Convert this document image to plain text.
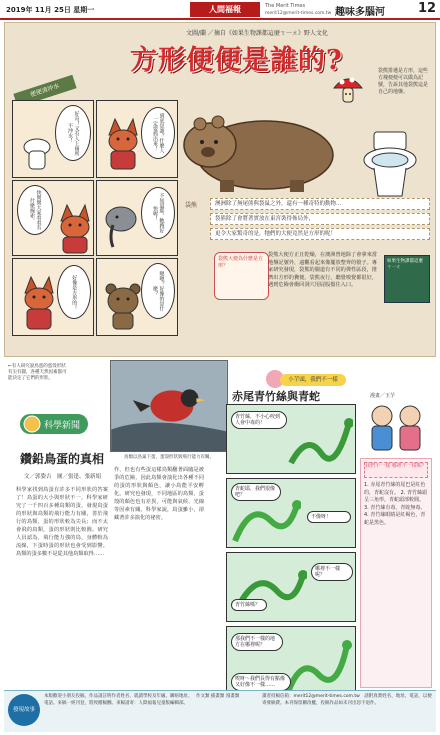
2019年 11月 25日 星期一	人間福報	The Merit Times
merit12@merit-times.com.tw 趣味多腦河	12
文圖/蘭 ／摘自《如果生物課都這麼ㄎ一ㄤ》野人文化
方形便便是誰的?	袋熊排遺是方形，這些方塊便便可以做為記號，告訴其他袋熊這是自己的地盤。
便便清沖水
好奇！又有人上廁所不沖水！	到底是誰？什麼人一定要抓出來！
快問問大家看看有什麼線索。	不知道耶，牠跑好快喔！
好像是方形的！	嗯嗯？好像的是什麼？
袋熊	澳洲除了無尾熊與袋鼠之外，還有一種奇特的動物…
袋熊除了會將著實放在東宮裝得佈局外，
更令大家驚奇的是，牠們的大便竟然是方形的呢！
袋熊大便為什麼是方形？
袋熊大便方正且乾燥，在澳洲曾地除了會拿來當地盤記號外，遠觀看起來像擺放整齊的骰子。專家研究發現，袋熊的腸道有不同的彈性區段，推擠出方形的糞便。袋熊夜行，聽覺嗅覺都很好，遇到危險會衝回洞穴用屁股擋住入口。
如果生物課都這麼ㄎ一ㄤ
←有人研究說鳥蛋的蛋殼形狀有尖有圓，各種天然因素都可能決定了它們的形狀。
鳥類以鳥巢下蛋，蛋殼形狀與飛行能力有關。
科學新聞
鑽鉛鳥蛋的真相
文／郭姿吉　圖／張逢、張新娟
科學家找到鳥蛋有許多不同形狀的答案了！鳥蛋的大小與形狀不一，科學家研究了一千四百多種鳥類的蛋，發現鳥蛋的形狀與鳥類的飛行能力有關，善於飛行的鳥類，蛋的形狀較為尖長；而不太會飛的鳥類，蛋的形狀則比較圓。研究人員認為，飛行能力強的鳥，身體較為流線，下蛋時蛋的形狀也會受到影響。鳥類的蛋多數不是從其他鳥類取得……
作，但也有些蛋這樣鳥類翻著面臨是被爭的危險，因此鳥類會演化出各種不同的蛋的形狀與顏色，讓小鳥能平安孵化。研究也發現，不同地區的鳥類，蛋殼的顏色也有差異，可能與氣候、光線等因素有關。科學家說，鳥蛋雖小，卻藏著許多演化的祕密。
小芋頭，我們不一樣
赤尾青竹絲與青蛇	漫畫／玉芋
青竹絲，不小心咬到人會中毒的！
青蛇耶，我們很像吧？
不像呀！
青竹絲嗎？
哪裡不一樣呢？
那我們不一樣的地方在哪裡呢？
唉呀～我們長得有點像又好像不一樣……
我們不一樣 哪裡不一樣呢？
1. 赤尾青竹絲的尾巴是紅色的，青蛇沒有。 2. 青竹絲頭呈三角形，青蛇頭部較圓。 3. 青竹絲有毒，青蛇無毒。 4. 青竹絲眼睛是紅褐色，青蛇是黑色。
發現故事
本版歡迎小朋友投稿，作品請註明作者姓名、就讀學校及年級、聯絡地址、電話。來稿一經刊登，將致贈稿酬。來稿請寄：人間福報兒童版編輯部。
作文類 插畫類 漫畫類	讀者投稿信箱：merit12@merit-times.com.tw　請附真實姓名、地址、電話，以便寄發稿費。本刊保留刪改權，投稿作品如未刊出恕不退件。
